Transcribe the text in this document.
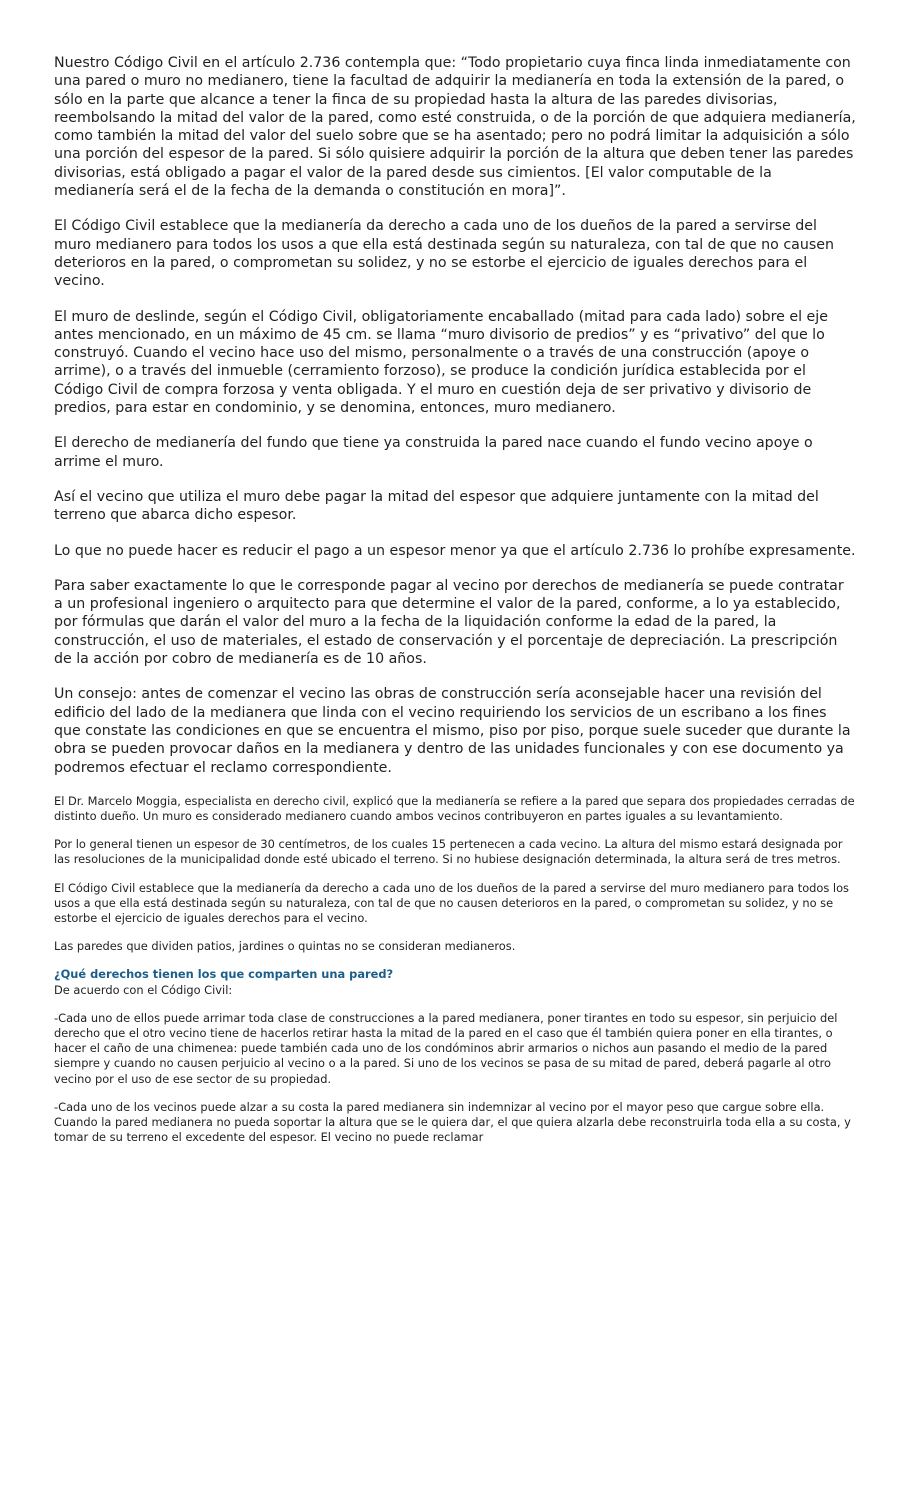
Nuestro Código Civil en el artículo 2.736 contempla que: “Todo propietario cuya finca linda inmediatamente con una pared o muro no medianero, tiene la facultad de adquirir la medianería en toda la extensión de la pared, o sólo en la parte que alcance a tener la finca de su propiedad hasta la altura de las paredes divisorias, reembolsando la mitad del valor de la pared, como esté construida, o de la porción de que adquiera medianería, como también la mitad del valor del suelo sobre que se ha asentado; pero no podrá limitar la adquisición a sólo una porción del espesor de la pared. Si sólo quisiere adquirir la porción de la altura que deben tener las paredes divisorias, está obligado a pagar el valor de la pared desde sus cimientos. [El valor computable de la medianería será el de la fecha de la demanda o constitución en mora]”.

El Código Civil establece que la medianería da derecho a cada uno de los dueños de la pared a servirse del muro medianero para todos los usos a que ella está destinada según su naturaleza, con tal de que no causen deterioros en la pared, o comprometan su solidez, y no se estorbe el ejercicio de iguales derechos para el vecino.

El muro de deslinde, según el Código Civil, obligatoriamente encaballado (mitad para cada lado) sobre el eje antes mencionado, en un máximo de 45 cm. se llama “muro divisorio de predios” y es “privativo” del que lo construyó. Cuando el vecino hace uso del mismo, personalmente o a través de una construcción (apoye o arrime), o a través del inmueble (cerramiento forzoso), se produce la condición jurídica establecida por el Código Civil de compra forzosa y venta obligada. Y el muro en cuestión deja de ser privativo y divisorio de predios, para estar en condominio, y se denomina, entonces, muro medianero.

El derecho de medianería del fundo que tiene ya construida la pared nace cuando el fundo vecino apoye o arrime el muro.

Así el vecino que utiliza el muro debe pagar la mitad del espesor que adquiere juntamente con la mitad del terreno que abarca dicho espesor.

Lo que no puede hacer es reducir el pago a un espesor menor ya que el artículo 2.736 lo prohíbe expresamente.

Para saber exactamente lo que le corresponde pagar al vecino por derechos de medianería se puede contratar a un profesional ingeniero o arquitecto para que determine el valor de la pared, conforme, a lo ya establecido, por fórmulas que darán el valor del muro a la fecha de la liquidación conforme la edad de la pared, la construcción, el uso de materiales, el estado de conservación y el porcentaje de depreciación. La prescripción de la acción por cobro de medianería es de 10 años.

Un consejo: antes de comenzar el vecino las obras de construcción sería aconsejable hacer una revisión del edificio del lado de la medianera que linda con el vecino requiriendo los servicios de un escribano a los fines que constate las condiciones en que se encuentra el mismo, piso por piso, porque suele suceder que durante la obra se pueden provocar daños en la medianera y dentro de las unidades funcionales y con ese documento ya podremos efectuar el reclamo correspondiente.

El Dr. Marcelo Moggia, especialista en derecho civil, explicó que la medianería se refiere a la pared que separa dos propiedades cerradas de distinto dueño. Un muro es considerado medianero cuando ambos vecinos contribuyeron en partes iguales a su levantamiento.

Por lo general tienen un espesor de 30 centímetros, de los cuales 15 pertenecen a cada vecino. La altura del mismo estará designada por las resoluciones de la municipalidad donde esté ubicado el terreno. Si no hubiese designación determinada, la altura será de tres metros.

El Código Civil establece que la medianería da derecho a cada uno de los dueños de la pared a servirse del muro medianero para todos los usos a que ella está destinada según su naturaleza, con tal de que no causen deterioros en la pared, o comprometan su solidez, y no se estorbe el ejercicio de iguales derechos para el vecino.

Las paredes que dividen patios, jardines o quintas no se consideran medianeros.

¿Qué derechos tienen los que comparten una pared?

De acuerdo con el Código Civil:

-Cada uno de ellos puede arrimar toda clase de construcciones a la pared medianera, poner tirantes en todo su espesor, sin perjuicio del derecho que el otro vecino tiene de hacerlos retirar hasta la mitad de la pared en el caso que él también quiera poner en ella tirantes, o hacer el caño de una chimenea: puede también cada uno de los condóminos abrir armarios o nichos aun pasando el medio de la pared siempre y cuando no causen perjuicio al vecino o a la pared. Si uno de los vecinos se pasa de su mitad de pared, deberá pagarle al otro vecino por el uso de ese sector de su propiedad.

-Cada uno de los vecinos puede alzar a su costa la pared medianera sin indemnizar al vecino por el mayor peso que cargue sobre ella. Cuando la pared medianera no pueda soportar la altura que se le quiera dar, el que quiera alzarla debe reconstruirla toda ella a su costa, y tomar de su terreno el excedente del espesor. El vecino no puede reclamar
